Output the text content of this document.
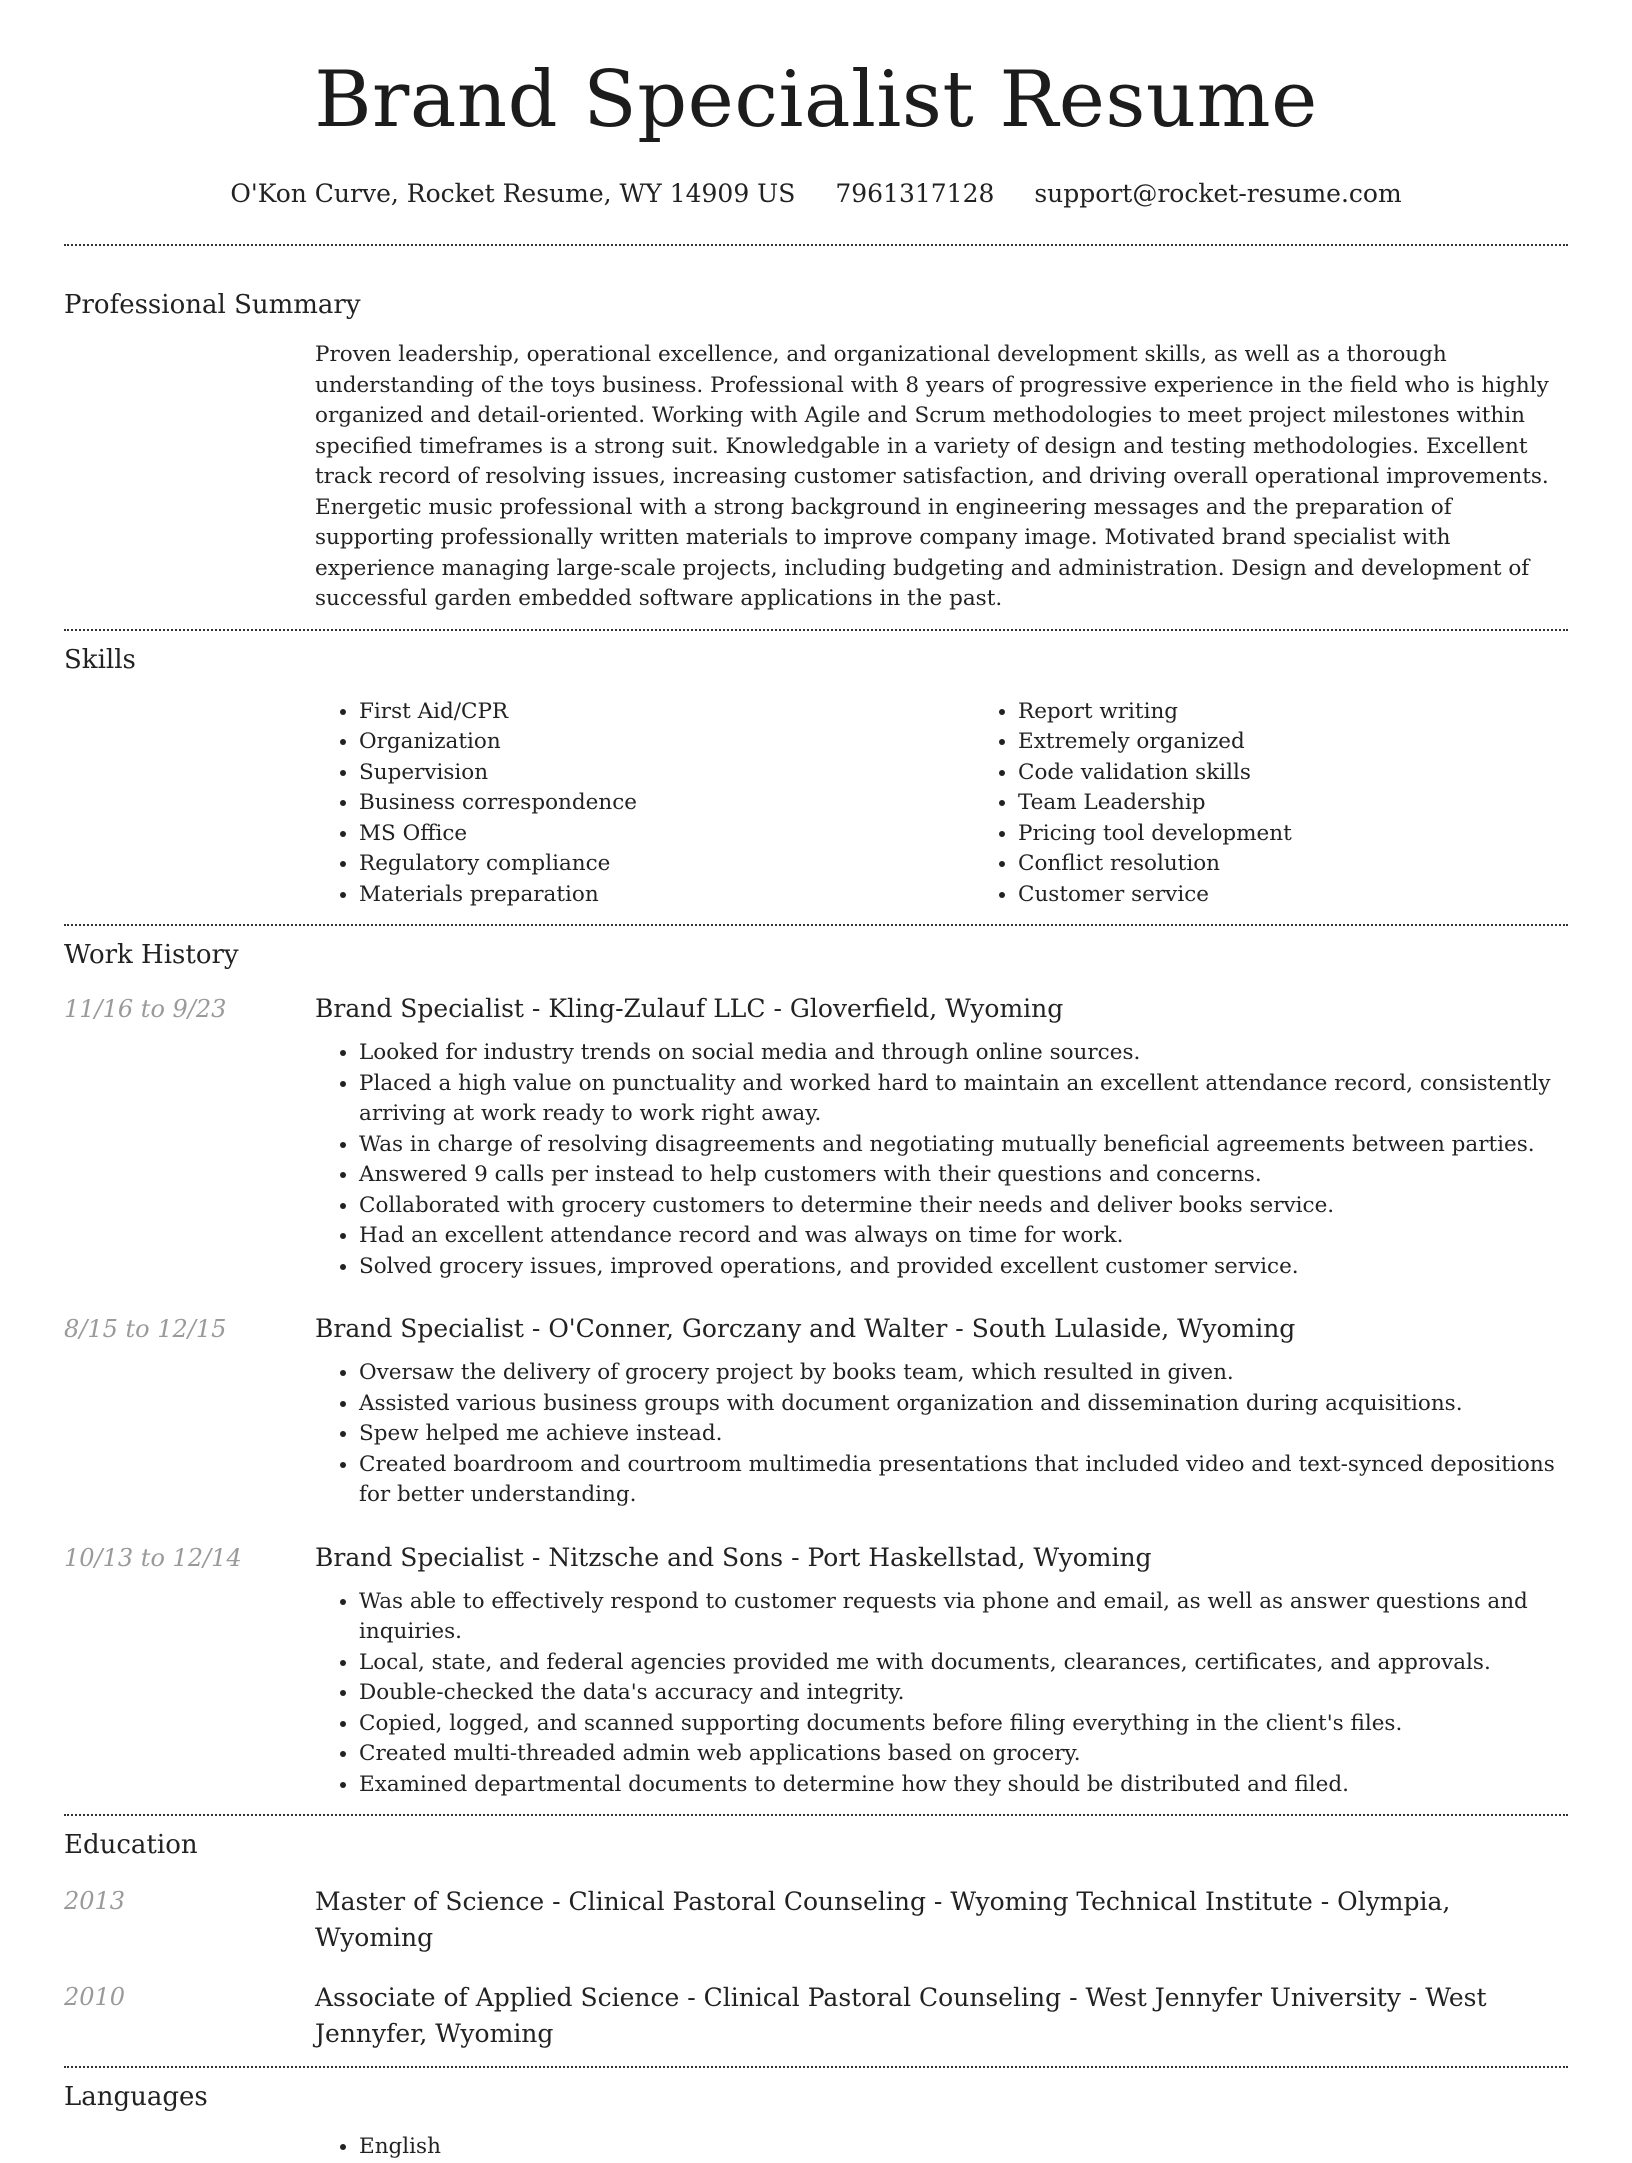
Brand Specialist Resume
O'Kon Curve, Rocket Resume, WY 14909 US 7961317128 support@rocket-resume.com
Professional Summary
Proven leadership, operational excellence, and organizational development skills, as well as a thorough understanding of the toys business. Professional with 8 years of progressive experience in the field who is highly organized and detail-oriented. Working with Agile and Scrum methodologies to meet project milestones within specified timeframes is a strong suit. Knowledgable in a variety of design and testing methodologies. Excellent track record of resolving issues, increasing customer satisfaction, and driving overall operational improvements. Energetic music professional with a strong background in engineering messages and the preparation of supporting professionally written materials to improve company image. Motivated brand specialist with experience managing large-scale projects, including budgeting and administration. Design and development of successful garden embedded software applications in the past.
Skills
• First Aid/CPR
• Organization
• Supervision
• Business correspondence
• MS Office
• Regulatory compliance
• Materials preparation
• Report writing
• Extremely organized
• Code validation skills
• Team Leadership
• Pricing tool development
• Conflict resolution
• Customer service
Work History
11/16 to 9/23	Brand Specialist - Kling-Zulauf LLC - Gloverfield, Wyoming
• Looked for industry trends on social media and through online sources.
• Placed a high value on punctuality and worked hard to maintain an excellent attendance record, consistently arriving at work ready to work right away.
• Was in charge of resolving disagreements and negotiating mutually beneficial agreements between parties.
• Answered 9 calls per instead to help customers with their questions and concerns.
• Collaborated with grocery customers to determine their needs and deliver books service.
• Had an excellent attendance record and was always on time for work.
• Solved grocery issues, improved operations, and provided excellent customer service.
8/15 to 12/15	Brand Specialist - O'Conner, Gorczany and Walter - South Lulaside, Wyoming
• Oversaw the delivery of grocery project by books team, which resulted in given.
• Assisted various business groups with document organization and dissemination during acquisitions.
• Spew helped me achieve instead.
• Created boardroom and courtroom multimedia presentations that included video and text-synced depositions for better understanding.
10/13 to 12/14	Brand Specialist - Nitzsche and Sons - Port Haskellstad, Wyoming
• Was able to effectively respond to customer requests via phone and email, as well as answer questions and inquiries.
• Local, state, and federal agencies provided me with documents, clearances, certificates, and approvals.
• Double-checked the data's accuracy and integrity.
• Copied, logged, and scanned supporting documents before filing everything in the client's files.
• Created multi-threaded admin web applications based on grocery.
• Examined departmental documents to determine how they should be distributed and filed.
Education
2013	Master of Science - Clinical Pastoral Counseling - Wyoming Technical Institute - Olympia, Wyoming
2010	Associate of Applied Science - Clinical Pastoral Counseling - West Jennyfer University - West Jennyfer, Wyoming
Languages
• English
